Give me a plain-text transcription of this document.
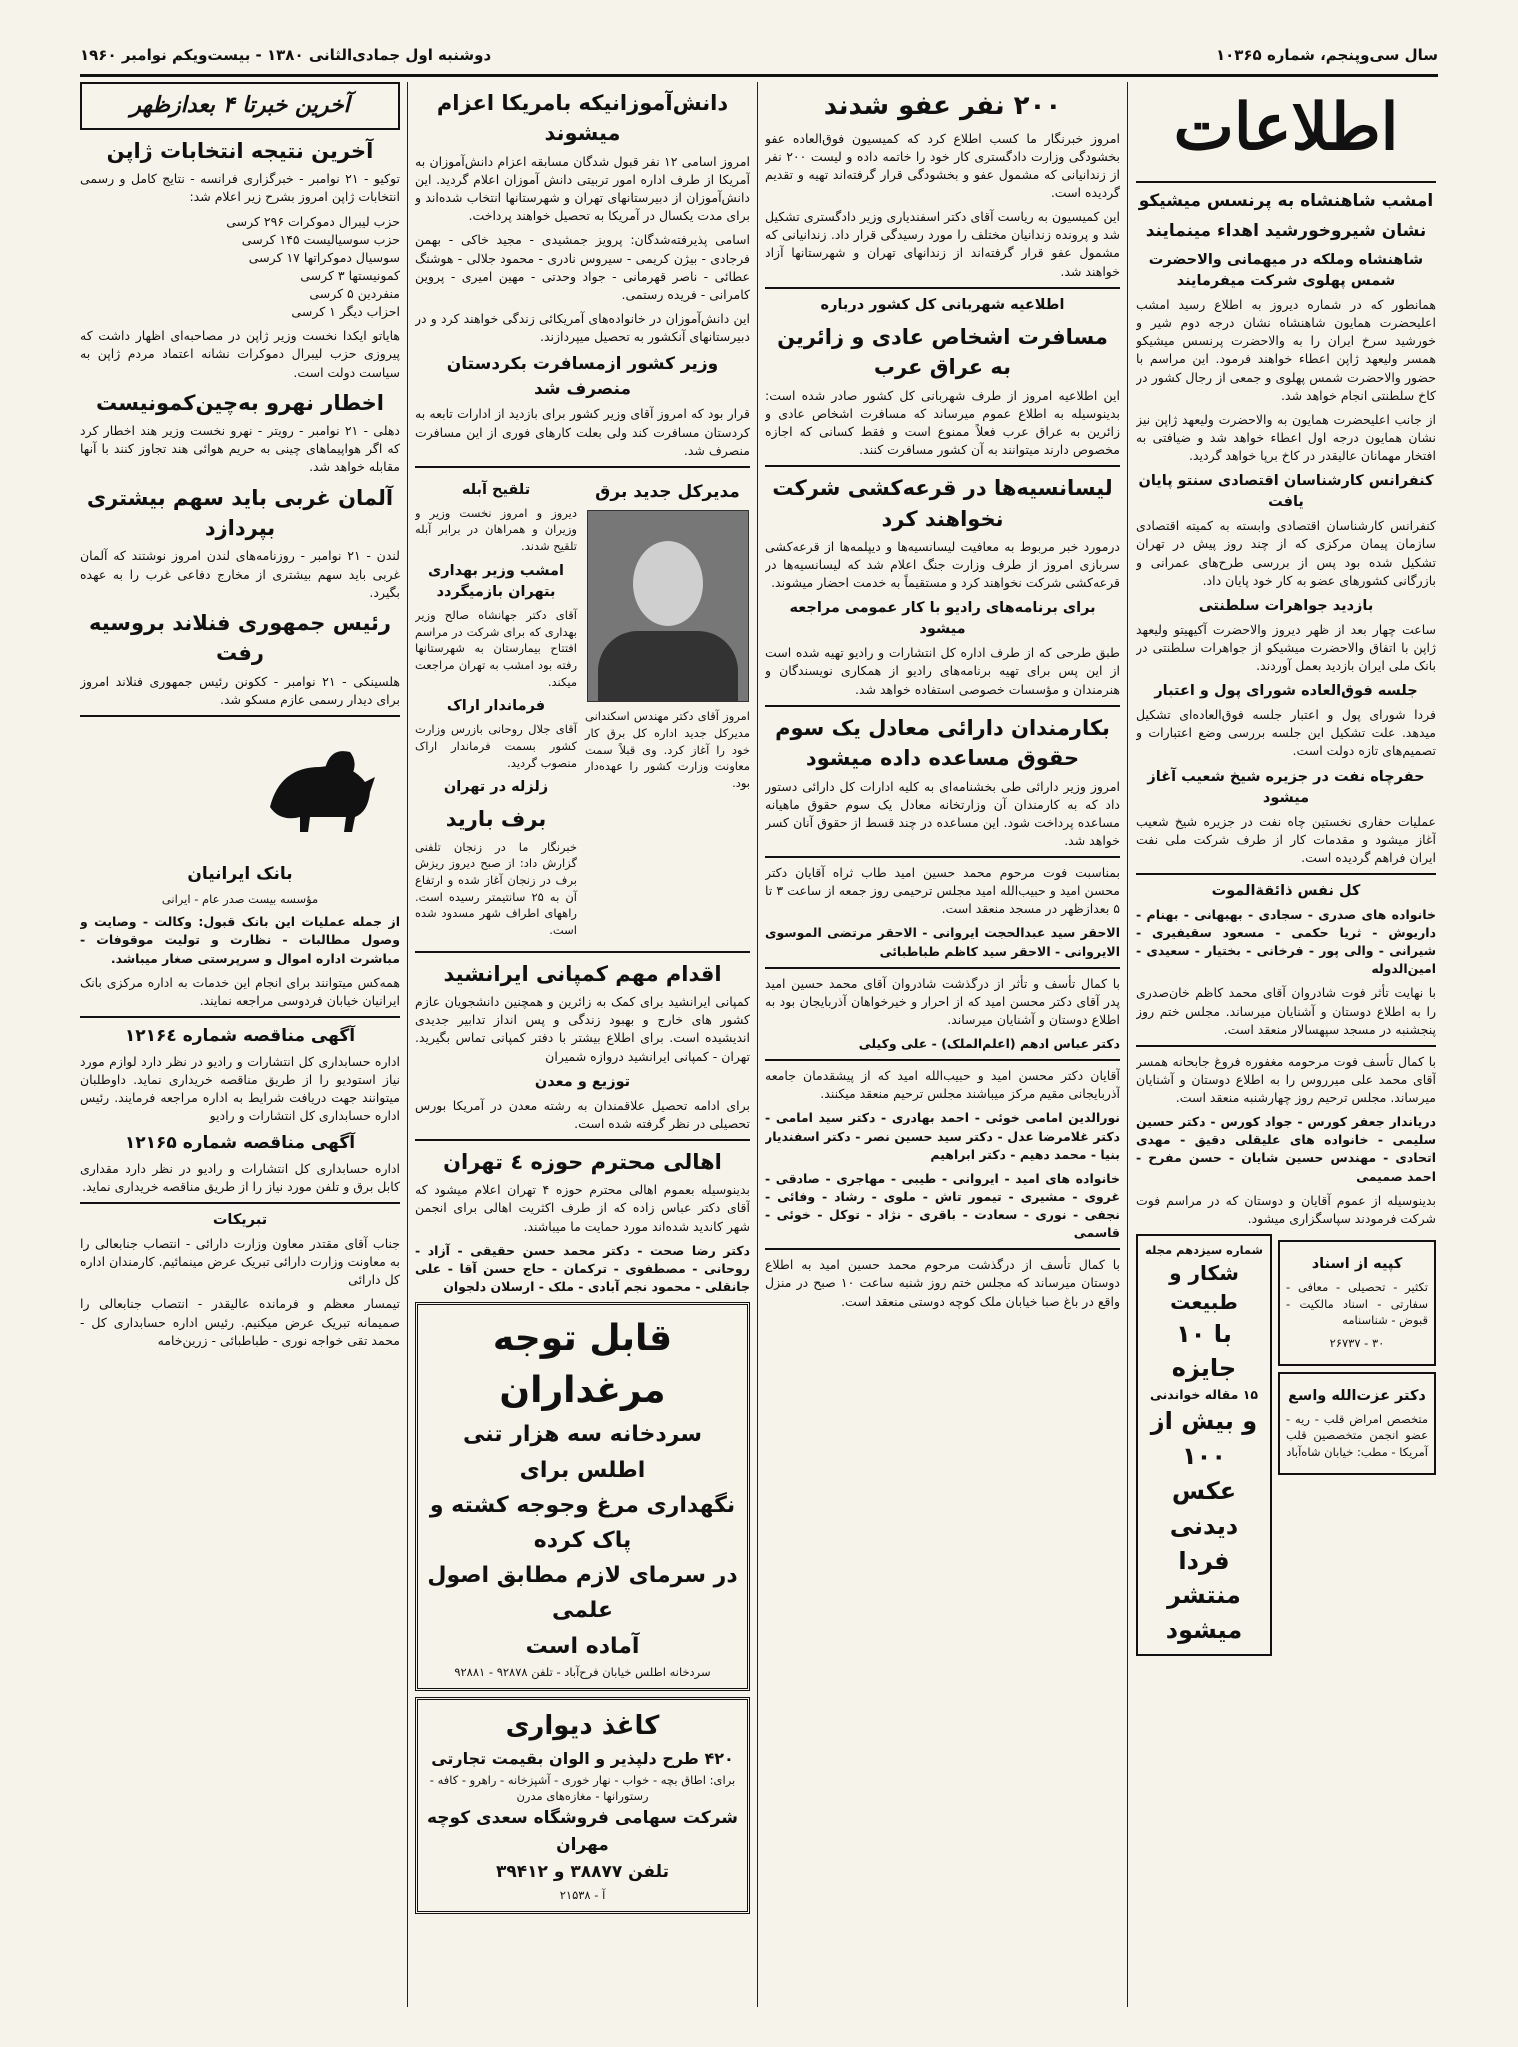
سال سی‌وپنجم، شماره ۱۰۳۶۵
دوشنبه اول جمادی‌الثانی ۱۳۸۰ - بیست‌ویکم نوامبر ۱۹۶۰
اطلاعات
امشب شاهنشاه به پرنسس میشیکو
نشان شیروخورشید اهداء مینمایند
شاهنشاه وملکه در میهمانی والاحضرت شمس پهلوی شرکت میفرمایند

همانطور که در شماره دیروز به اطلاع رسید امشب اعلیحضرت همایون شاهنشاه نشان درجه دوم شیر و خورشید سرخ ایران را به والاحضرت پرنسس میشیکو همسر ولیعهد ژاپن اعطاء خواهند فرمود. این مراسم با حضور والاحضرت شمس پهلوی و جمعی از رجال کشور در کاخ سلطنتی انجام خواهد شد.

از جانب اعلیحضرت همایون به والاحضرت ولیعهد ژاپن نیز نشان همایون درجه اول اعطاء خواهد شد و ضیافتی به افتخار مهمانان عالیقدر در کاخ برپا خواهد گردید.

کنفرانس کارشناسان اقتصادی سنتو پایان یافت

کنفرانس کارشناسان اقتصادی وابسته به کمیته اقتصادی سازمان پیمان مرکزی که از چند روز پیش در تهران تشکیل شده بود پس از بررسی طرح‌های عمرانی و بازرگانی کشورهای عضو به کار خود پایان داد.

بازدید جواهرات سلطنتی

ساعت چهار بعد از ظهر دیروز والاحضرت آکیهیتو ولیعهد ژاپن با اتفاق والاحضرت میشیکو از جواهرات سلطنتی در بانک ملی ایران بازدید بعمل آوردند.

جلسه فوق‌العاده شورای پول و اعتبار

فردا شورای پول و اعتبار جلسه فوق‌العاده‌ای تشکیل میدهد. علت تشکیل این جلسه بررسی وضع اعتبارات و تصمیم‌های تازه دولت است.

حفرچاه نفت در جزیره شیخ شعیب آغاز میشود

عملیات حفاری نخستین چاه نفت در جزیره شیخ شعیب آغاز میشود و مقدمات کار از طرف شرکت ملی نفت ایران فراهم گردیده است.

کل نفس ذائقةالموت

خانواده های صدری - سجادی - بهبهانی - بهنام - داریوش - ثریا حکمی - مسعود سقیفیری - شیرانی - والی پور - فرخانی - بختیار - سعیدی - امین‌الدوله

با نهایت تأثر فوت شادروان آقای محمد کاظم خان‌صدری را به اطلاع دوستان و آشنایان میرساند. مجلس ختم روز پنجشنبه در مسجد سپهسالار منعقد است.

با کمال تأسف فوت مرحومه مغفوره فروغ جابحانه همسر آقای محمد علی میرروس را به اطلاع دوستان و آشنایان میرساند. مجلس ترحیم روز چهارشنبه منعقد است.

دریاندار جعفر کورس - جواد کورس - دکتر حسین سلیمی - خانواده های علیقلی دقیق - مهدی اتحادی - مهندس حسین شایان - حسن مفرح - احمد صمیمی

بدینوسیله از عموم آقایان و دوستان که در مراسم فوت شرکت فرمودند سپاسگزاری میشود.

کپیه از اسناد

تکثیر - تحصیلی - معافی - سفارتی - اسناد مالکیت - قبوض - شناسنامه

۳۰ - ۲۶۷۳۷

دکتر عزت‌الله واسع

متخصص امراض قلب - ریه - عضو انجمن متخصصین قلب آمریکا - مطب: خیابان شاه‌آباد

شماره سیزدهم مجله
شکار و طبیعت
با ۱۰ جایزه
۱۵ مقاله خواندنی
و بیش از ۱۰۰
عکس دیدنی
فردا
منتشر میشود
۲۰۰ نفر عفو شدند

امروز خبرنگار ما کسب اطلاع کرد که کمیسیون فوق‌العاده عفو بخشودگی وزارت دادگستری کار خود را خاتمه داده و لیست ۲۰۰ نفر از زندانیانی که مشمول عفو و بخشودگی قرار گرفته‌اند تهیه و تقدیم گردیده است.

این کمیسیون به ریاست آقای دکتر اسفندیاری وزیر دادگستری تشکیل شد و پرونده زندانیان مختلف را مورد رسیدگی قرار داد. زندانیانی که مشمول عفو قرار گرفته‌اند از زندانهای تهران و شهرستانها آزاد خواهند شد.

اطلاعیه شهربانی کل کشور درباره
مسافرت اشخاص عادی و زائرین به عراق عرب

این اطلاعیه امروز از طرف شهربانی کل کشور صادر شده است: بدینوسیله به اطلاع عموم میرساند که مسافرت اشخاص عادی و زائرین به عراق عرب فعلاً ممنوع است و فقط کسانی که اجازه مخصوص دارند میتوانند به آن کشور مسافرت کنند.

لیسانسیه‌ها در قرعه‌کشی شرکت نخواهند کرد

درمورد خبر مربوط به معافیت لیسانسیه‌ها و دیپلمه‌ها از قرعه‌کشی سربازی امروز از طرف وزارت جنگ اعلام شد که لیسانسیه‌ها در قرعه‌کشی شرکت نخواهند کرد و مستقیماً به خدمت احضار میشوند.

برای برنامه‌های رادیو با کار عمومی مراجعه میشود

طبق طرحی که از طرف اداره کل انتشارات و رادیو تهیه شده است از این پس برای تهیه برنامه‌های رادیو از همکاری نویسندگان و هنرمندان و مؤسسات خصوصی استفاده خواهد شد.

بکارمندان دارائی معادل یک سوم حقوق مساعده داده میشود

امروز وزیر دارائی طی بخشنامه‌ای به کلیه ادارات کل دارائی دستور داد که به کارمندان آن وزارتخانه معادل یک سوم حقوق ماهیانه مساعده پرداخت شود. این مساعده در چند قسط از حقوق آنان کسر خواهد شد.

بمناسبت فوت مرحوم محمد حسین امید طاب ثراه آقایان دکتر محسن امید و حبیب‌الله امید مجلس ترحیمی روز جمعه از ساعت ۳ تا ۵ بعدازظهر در مسجد منعقد است.

الاحقر سید عبدالحجت ایروانی - الاحقر مرتضی الموسوی الایروانی - الاحقر سید کاظم طباطبائی

با کمال تأسف و تأثر از درگذشت شادروان آقای محمد حسین امید پدر آقای دکتر محسن امید که از احرار و خیرخواهان آذربایجان بود به اطلاع دوستان و آشنایان میرساند.

دکتر عباس ادهم (اعلم‌الملک) - علی وکیلی

آقایان دکتر محسن امید و حبیب‌الله امید که از پیشقدمان جامعه آذربایجانی مقیم مرکز میباشند مجلس ترحیم منعقد میکنند.

نورالدین امامی خوئی - احمد بهادری - دکتر سید امامی - دکتر غلامرضا عدل - دکتر سید حسین نصر - دکتر اسفندیار بنیا - محمد دهیم - دکتر ابراهیم

خانواده های امید - ایروانی - طیبی - مهاجری - صادقی - غروی - مشیری - تیمور تاش - ملوی - رشاد - وفائی - نجفی - نوری - سعادت - باقری - نژاد - توکل - خوئی - قاسمی

با کمال تأسف از درگذشت مرحوم محمد حسین امید به اطلاع دوستان میرساند که مجلس ختم روز شنبه ساعت ۱۰ صبح در منزل واقع در باغ صبا خیابان ملک کوچه دوستی منعقد است.

دانش‌آموزانیکه بامریکا اعزام میشوند

امروز اسامی ۱۲ نفر قبول شدگان مسابقه اعزام دانش‌آموزان به آمریکا از طرف اداره امور تربیتی دانش آموزان اعلام گردید. این دانش‌آموزان از دبیرستانهای تهران و شهرستانها انتخاب شده‌اند و برای مدت یکسال در آمریکا به تحصیل خواهند پرداخت.

اسامی پذیرفته‌شدگان: پرویز جمشیدی - مجید خاکی - بهمن فرجادی - بیژن کریمی - سیروس نادری - محمود جلالی - هوشنگ عطائی - ناصر قهرمانی - جواد وحدتی - مهین امیری - پروین کامرانی - فریده رستمی.

این دانش‌آموزان در خانواده‌های آمریکائی زندگی خواهند کرد و در دبیرستانهای آنکشور به تحصیل میپردازند.

وزیر کشور ازمسافرت بکردستان منصرف شد

قرار بود که امروز آقای وزیر کشور برای بازدید از ادارات تابعه به کردستان مسافرت کند ولی بعلت کارهای فوری از این مسافرت منصرف شد.

مدیرکل جدید برق

امروز آقای دکتر مهندس اسکندانی مدیرکل جدید اداره کل برق کار خود را آغاز کرد. وی قبلاً سمت معاونت وزارت کشور را عهده‌دار بود.

تلقیح آبله

دیروز و امروز نخست وزیر و وزیران و همراهان در برابر آبله تلقیح شدند.

امشب وزیر بهداری بتهران بازمیگردد

آقای دکتر جهانشاه صالح وزیر بهداری که برای شرکت در مراسم افتتاح بیمارستان به شهرستانها رفته بود امشب به تهران مراجعت میکند.

فرماندار اراک

آقای جلال روحانی بازرس وزارت کشور بسمت فرماندار اراک منصوب گردید.

زلزله در تهران
برف بارید

خبرنگار ما در زنجان تلفنی گزارش داد: از صبح دیروز ریزش برف در زنجان آغاز شده و ارتفاع آن به ۲۵ سانتیمتر رسیده است. راههای اطراف شهر مسدود شده است.

اقدام مهم کمپانی ایرانشید

کمپانی ایرانشید برای کمک به زائرین و همچنین دانشجویان عازم کشور های خارج و بهبود زندگی و پس انداز تدابیر جدیدی اندیشیده است. برای اطلاع بیشتر با دفتر کمپانی تماس بگیرید. تهران - کمپانی ایرانشید دروازه شمیران

توزیع و معدن

برای ادامه تحصیل علاقمندان به رشته معدن در آمریکا بورس تحصیلی در نظر گرفته شده است.

اهالی محترم حوزه ٤ تهران

بدینوسیله بعموم اهالی محترم حوزه ۴ تهران اعلام میشود که آقای دکتر عباس زاده که از طرف اکثریت اهالی برای انجمن شهر کاندید شده‌اند مورد حمایت ما میباشند.

دکتر رضا صحت - دکتر محمد حسن حقیقی - آزاد - روحانی - مصطفوی - ترکمان - حاج حسن آقا - علی جانقلی - محمود نجم آبادی - ملک - ارسلان دلجوان

قابل توجه مرغداران
سردخانه سه هزار تنی اطلس برای
نگهداری مرغ وجوجه کشته و پاک کرده
در سرمای لازم مطابق اصول علمی
آماده است
سردخانه اطلس خیابان فرح‌آباد - تلفن ۹۲۸۷۸ - ۹۲۸۸۱
کاغذ دیواری
۴۲۰ طرح دلپذیر و الوان بقیمت تجارتی
برای: اطاق بچه - خواب - نهار خوری - آشپزخانه - راهرو - کافه - رستورانها - مغازه‌های مدرن
شرکت سهامی فروشگاه سعدی کوچه مهران
تلفن ۳۸۸۷۷ و ۳۹۴۱۲
آ - ۲۱۵۳۸
آخرین خبرتا ۴ بعدازظهر
آخرین نتیجه انتخابات ژاپن

توکیو - ۲۱ نوامبر - خبرگزاری فرانسه - نتایج کامل و رسمی انتخابات ژاپن امروز بشرح زیر اعلام شد:

حزب لیبرال دموکرات ۲۹۶ کرسی

حزب سوسیالیست ۱۴۵ کرسی

سوسیال دموکراتها ۱۷ کرسی

کمونیستها ۳ کرسی

منفردین ۵ کرسی

احزاب دیگر ۱ کرسی

هایاتو ایکدا نخست وزیر ژاپن در مصاحبه‌ای اظهار داشت که پیروزی حزب لیبرال دموکرات نشانه اعتماد مردم ژاپن به سیاست دولت است.

اخطار نهرو به‌چین‌کمونیست

دهلی - ۲۱ نوامبر - رویتر - نهرو نخست وزیر هند اخطار کرد که اگر هواپیماهای چینی به حریم هوائی هند تجاوز کنند با آنها مقابله خواهد شد.

آلمان غربی باید سهم بیشتری بپردازد

لندن - ۲۱ نوامبر - روزنامه‌های لندن امروز نوشتند که آلمان غربی باید سهم بیشتری از مخارج دفاعی غرب را به عهده بگیرد.

رئیس جمهوری فنلاند بروسیه رفت

هلسینکی - ۲۱ نوامبر - ککونن رئیس جمهوری فنلاند امروز برای دیدار رسمی عازم مسکو شد.

بانک ایرانیان

مؤسسه بیست صدر عام - ایرانی

از جمله عملیات این بانک قبول: وکالت - وصایت و وصول مطالبات - نظارت و تولیت موقوفات - مباشرت اداره اموال و سرپرستی صغار میباشد.

همه‌کس میتوانند برای انجام این خدمات به اداره مرکزی بانک ایرانیان خیابان فردوسی مراجعه نمایند.

آگهی مناقصه شماره ۱۲۱۶٤

اداره حسابداری کل انتشارات و رادیو در نظر دارد لوازم مورد نیاز استودیو را از طریق مناقصه خریداری نماید. داوطلبان میتوانند جهت دریافت شرایط به اداره مراجعه فرمایند. رئیس اداره حسابداری کل انتشارات و رادیو

آگهی مناقصه شماره ۱۲۱۶۵

اداره حسابداری کل انتشارات و رادیو در نظر دارد مقداری کابل برق و تلفن مورد نیاز را از طریق مناقصه خریداری نماید.

تبریکات

جناب آقای مقتدر معاون وزارت دارائی - انتصاب جنابعالی را به معاونت وزارت دارائی تبریک عرض مینمائیم. کارمندان اداره کل دارائی

تیمسار معظم و فرمانده عالیقدر - انتصاب جنابعالی را صمیمانه تبریک عرض میکنیم. رئیس اداره حسابداری کل - محمد تقی خواجه نوری - طباطبائی - زرین‌خامه
